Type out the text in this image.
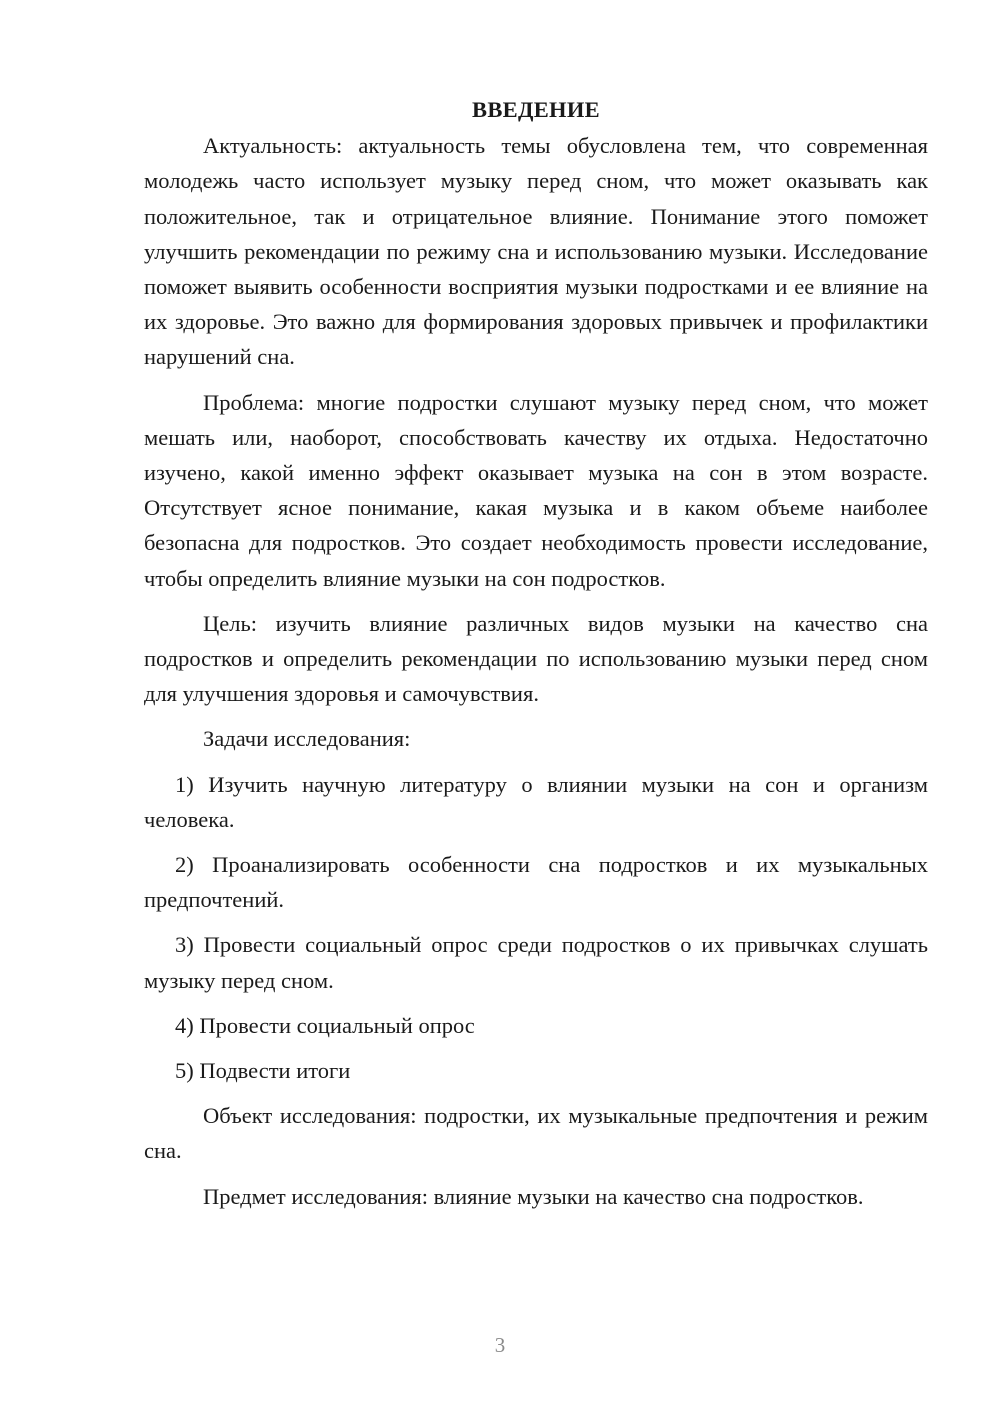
ВВЕДЕНИЕ

Актуальность: актуальность темы обусловлена тем, что современная молодежь часто использует музыку перед сном, что может оказывать как положительное, так и отрицательное влияние. Понимание этого поможет улучшить рекомендации по режиму сна и использованию музыки. Исследование поможет выявить особенности восприятия музыки подростками и ее влияние на их здоровье. Это важно для формирования здоровых привычек и профилактики нарушений сна.

Проблема: многие подростки слушают музыку перед сном, что может мешать или, наоборот, способствовать качеству их отдыха. Недостаточно изучено, какой именно эффект оказывает музыка на сон в этом возрасте. Отсутствует ясное понимание, какая музыка и в каком объеме наиболее безопасна для подростков. Это создает необходимость провести исследование, чтобы определить влияние музыки на сон подростков.

Цель: изучить влияние различных видов музыки на качество сна подростков и определить рекомендации по использованию музыки перед сном для улучшения здоровья и самочувствия.

Задачи исследования:

1) Изучить научную литературу о влиянии музыки на сон и организм человека.

2) Проанализировать особенности сна подростков и их музыкальных предпочтений.

3) Провести социальный опрос среди подростков о их привычках слушать музыку перед сном.

4) Провести социальный опрос

5) Подвести итоги

Объект исследования: подростки, их музыкальные предпочтения и режим сна.

Предмет исследования: влияние музыки на качество сна подростков.

3
